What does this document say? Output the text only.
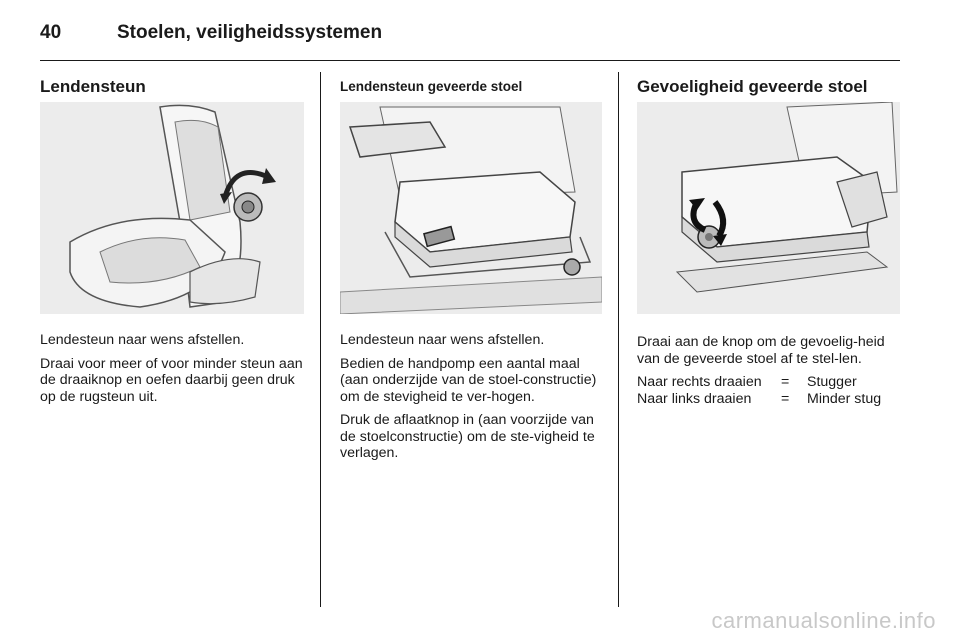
40	Stoelen, veiligheidssystemen
Lendensteun

Lendesteun naar wens afstellen.

Draai voor meer of voor minder steun aan de draaiknop en oefen daarbij geen druk op de rugsteun uit.

Lendensteun geveerde stoel

Lendesteun naar wens afstellen.

Bedien de handpomp een aantal maal (aan onderzijde van de stoel-constructie) om de stevigheid te ver-hogen.

Druk de aflaatknop in (aan voorzijde van de stoelconstructie) om de ste-vigheid te verlagen.

Gevoeligheid geveerde stoel

Draai aan de knop om de gevoelig-heid van de geveerde stoel af te stel-len.

Naar rechts draaien	=	Stugger
Naar links draaien	=	Minder stug
carmanualsonline.info
